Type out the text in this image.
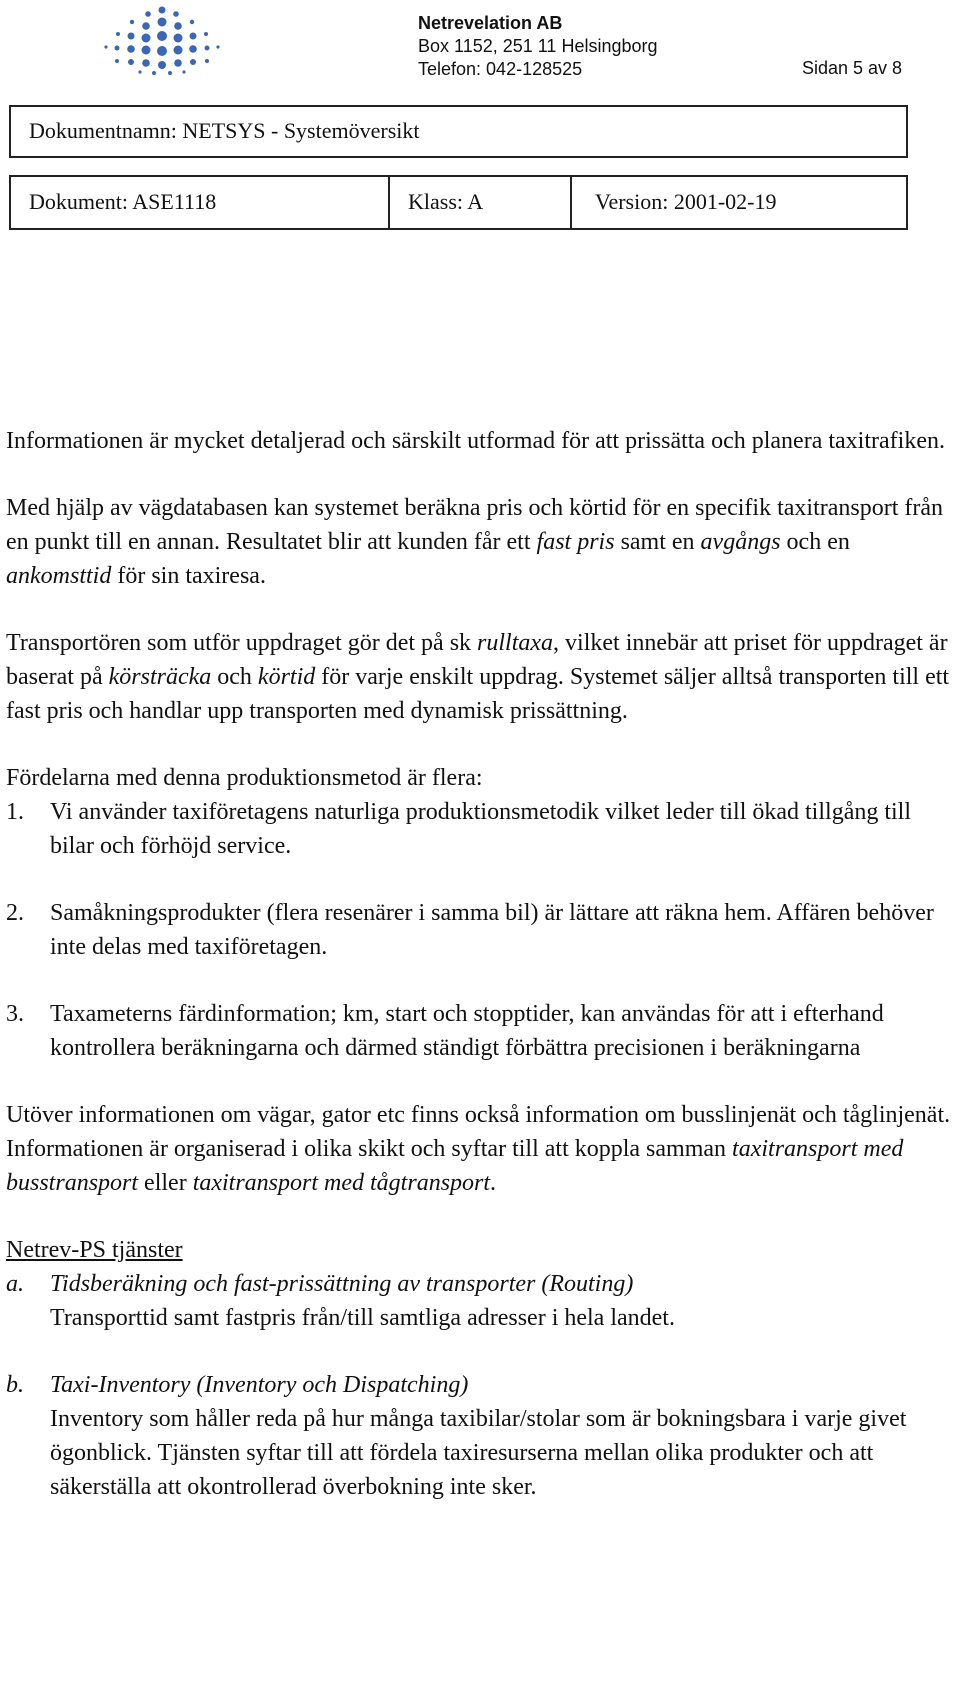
Netrevelation AB
Box 1152, 251 11 Helsingborg
Telefon: 042-128525	Sidan 5 av 8
Dokumentnamn: NETSYS - Systemöversikt
Dokument: ASE1118	Klass: A	Version: 2001-02-19

Informationen är mycket detaljerad och särskilt utformad för att prissätta och planera taxitrafiken.

Med hjälp av vägdatabasen kan systemet beräkna pris och körtid för en specifik taxitransport från en punkt till en annan. Resultatet blir att kunden får ett fast pris samt en avgångs och en ankomsttid för sin taxiresa.

Transportören som utför uppdraget gör det på sk rulltaxa, vilket innebär att priset för uppdraget är baserat på körsträcka och körtid för varje enskilt uppdrag. Systemet säljer alltså transporten till ett fast pris och handlar upp transporten med dynamisk prissättning.

Fördelarna med denna produktionsmetod är flera:

1. Vi använder taxiföretagens naturliga produktionsmetodik vilket leder till ökad tillgång till bilar och förhöjd service.
2. Samåkningsprodukter (flera resenärer i samma bil) är lättare att räkna hem. Affären behöver inte delas med taxiföretagen.
3. Taxameterns färdinformation; km, start och stopptider, kan användas för att i efterhand kontrollera beräkningarna och därmed ständigt förbättra precisionen i beräkningarna

Utöver informationen om vägar, gator etc finns också information om busslinjenät och tåglinjenät. Informationen är organiserad i olika skikt och syftar till att koppla samman taxitransport med busstransport eller taxitransport med tågtransport.

Netrev-PS tjänster

a. Tidsberäkning och fast-prissättning av transporter (Routing)
Transporttid samt fastpris från/till samtliga adresser i hela landet.
b. Taxi-Inventory (Inventory och Dispatching)
Inventory som håller reda på hur många taxibilar/stolar som är bokningsbara i varje givet ögonblick. Tjänsten syftar till att fördela taxiresurserna mellan olika produkter och att säkerställa att okontrollerad överbokning inte sker.
